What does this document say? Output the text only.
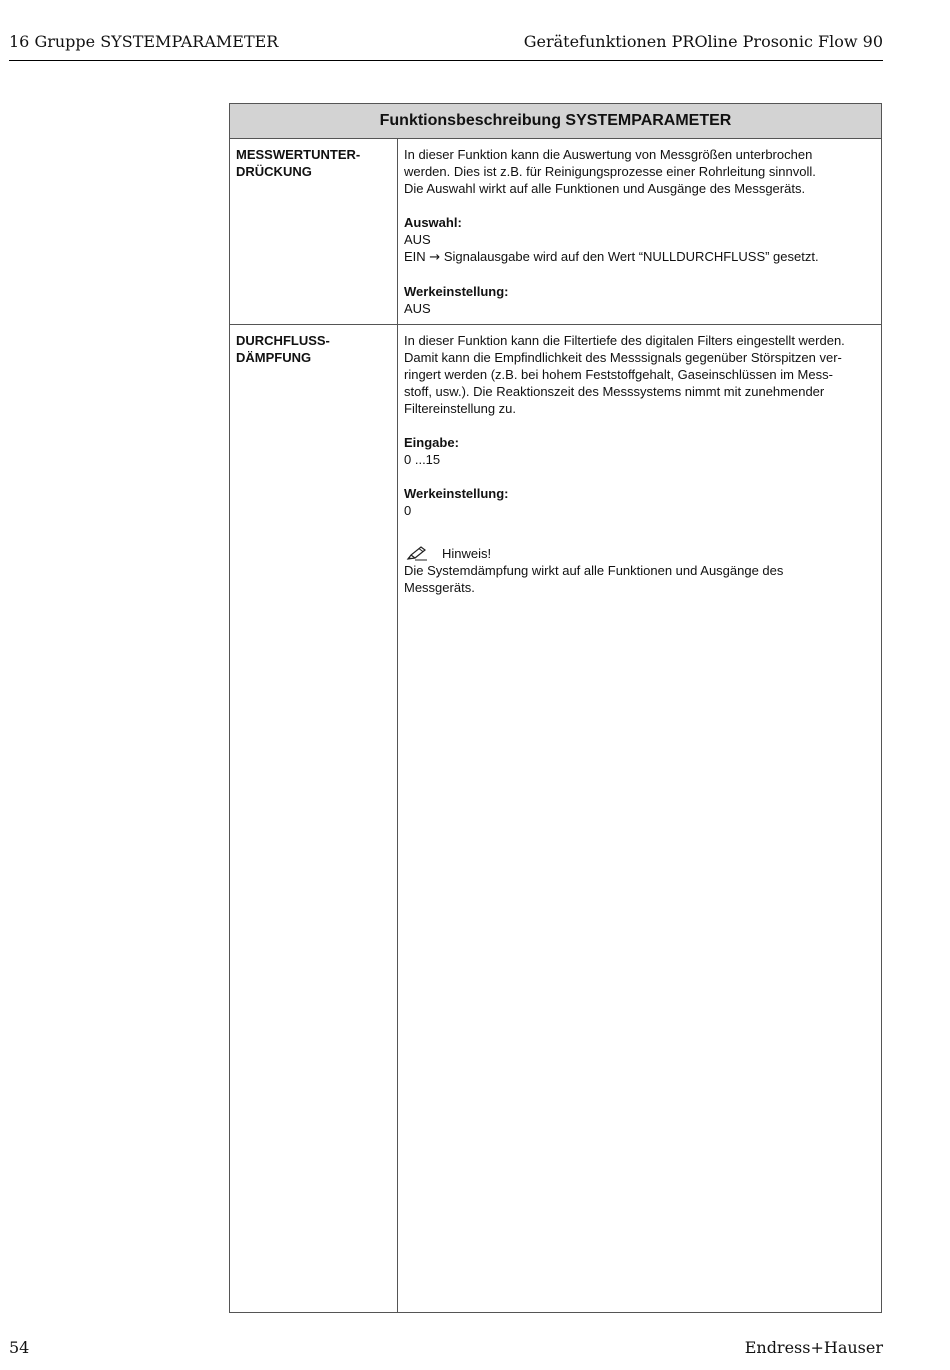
16 Gruppe SYSTEMPARAMETER	Gerätefunktionen PROline Prosonic Flow 90
Funktionsbeschreibung SYSTEMPARAMETER
MESSWERTUNTER- DRÜCKUNG

In dieser Funktion kann die Auswertung von Messgrößen unterbrochen
werden. Dies ist z.B. für Reinigungsprozesse einer Rohrleitung sinnvoll.
Die Auswahl wirkt auf alle Funktionen und Ausgänge des Messgeräts.

Auswahl:
AUS
EIN → Signalausgabe wird auf den Wert “NULLDURCHFLUSS” gesetzt.

Werkeinstellung:
AUS

DURCHFLUSS- DÄMPFUNG

In dieser Funktion kann die Filtertiefe des digitalen Filters eingestellt werden.
Damit kann die Empfindlichkeit des Messsignals gegenüber Störspitzen ver-
ringert werden (z.B. bei hohem Feststoffgehalt, Gaseinschlüssen im Mess-
stoff, usw.). Die Reaktionszeit des Messsystems nimmt mit zunehmender
Filtereinstellung zu.

Eingabe:
0 ...15

Werkeinstellung:
0

Hinweis!
Die Systemdämpfung wirkt auf alle Funktionen und Ausgänge des
Messgeräts.

54	Endress+Hauser
